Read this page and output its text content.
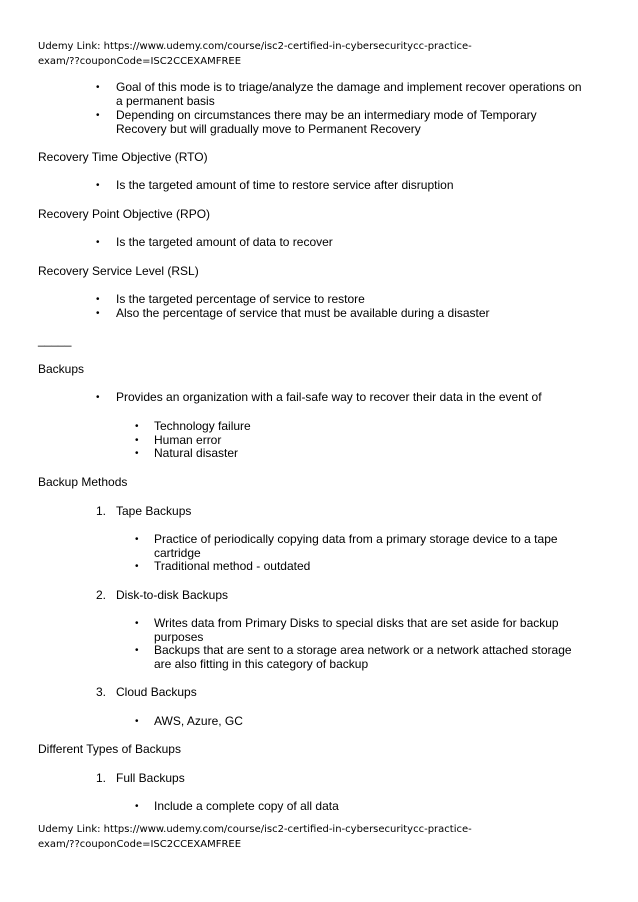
Udemy Link: https://www.udemy.com/course/isc2-certified-in-cybersecuritycc-practice-
exam/??couponCode=ISC2CCEXAMFREE
• Goal of this mode is to triage/analyze the damage and implement recover operations on a permanent basis
• Depending on circumstances there may be an intermediary mode of Temporary Recovery but will gradually move to Permanent Recovery
Recovery Time Objective (RTO)
• Is the targeted amount of time to restore service after disruption
Recovery Point Objective (RPO)
• Is the targeted amount of data to recover
Recovery Service Level (RSL)
• Is the targeted percentage of service to restore
• Also the percentage of service that must be available during a disaster
_____
Backups
• Provides an organization with a fail-safe way to recover their data in the event of
• Technology failure
• Human error
• Natural disaster
Backup Methods
1. Tape Backups
• Practice of periodically copying data from a primary storage device to a tape cartridge
• Traditional method - outdated
2. Disk-to-disk Backups
• Writes data from Primary Disks to special disks that are set aside for backup purposes
• Backups that are sent to a storage area network or a network attached storage are also fitting in this category of backup
3. Cloud Backups
• AWS, Azure, GC
Different Types of Backups
1. Full Backups
• Include a complete copy of all data
Udemy Link: https://www.udemy.com/course/isc2-certified-in-cybersecuritycc-practice-
exam/??couponCode=ISC2CCEXAMFREE
